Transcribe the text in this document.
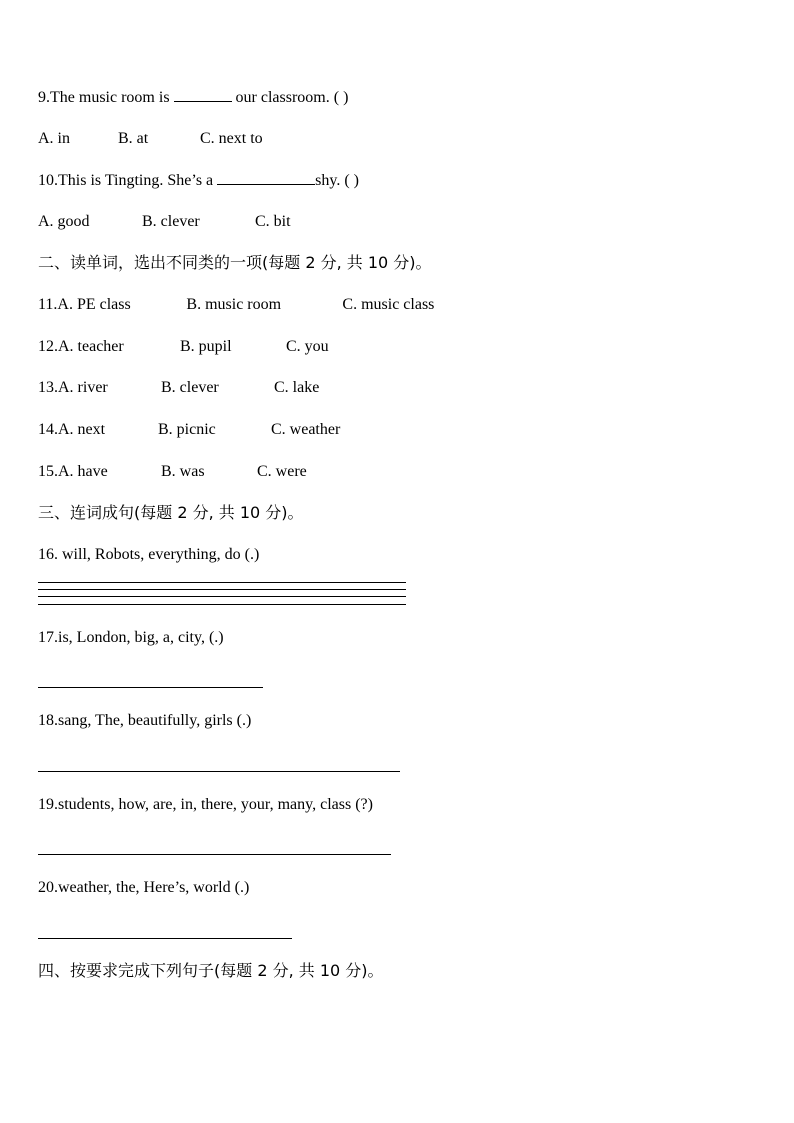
9.The music room is	our classroom. ( )
A. in	B. at	C. next to
10.This is Tingting. She’s a	shy. ( )
A. good	B. clever	C. bit
二、读单词，选出不同类的一项(每题 2 分, 共 10 分)。
11.A. PE class	B. music room	C. music class
12.A. teacher	B. pupil	C. you
13.A. river	B. clever	C. lake
14.A. next	B. picnic	C. weather
15.A. have	B. was	C. were
三、连词成句(每题 2 分, 共 10 分)。
16. will, Robots, everything, do (.)
17.is, London, big, a, city, (.)
18.sang, The, beautifully, girls (.)
19.students, how, are, in, there, your, many, class (?)
20.weather, the, Here’s, world (.)
四、按要求完成下列句子(每题 2 分, 共 10 分)。
